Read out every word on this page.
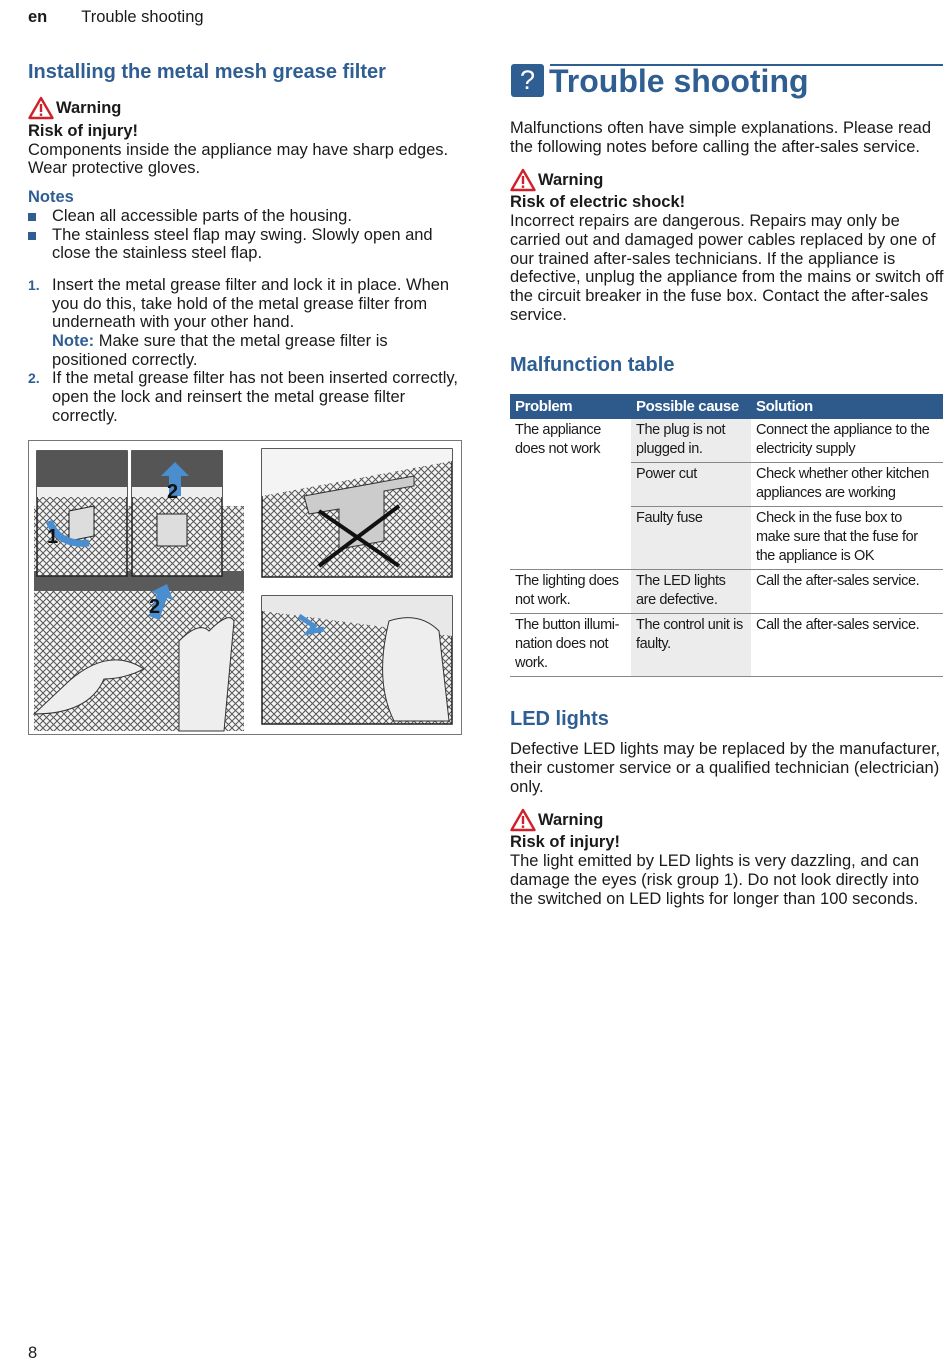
en Trouble shooting
Installing the metal mesh grease filter
Warning
Risk of injury!
Components inside the appliance may have sharp edges. Wear protective gloves.
Notes
Clean all accessible parts of the housing.
The stainless steel flap may swing. Slowly open and close the stainless steel flap.
1. Insert the metal grease filter and lock it in place. When you do this, take hold of the metal grease filter from underneath with your other hand.
Note: Make sure that the metal grease filter is positioned correctly.
2. If the metal grease filter has not been inserted correctly, open the lock and reinsert the metal grease filter correctly.
1
2
2
? Trouble shooting
Malfunctions often have simple explanations. Please read the following notes before calling the after-sales service.
Warning
Risk of electric shock!
Incorrect repairs are dangerous. Repairs may only be carried out and damaged power cables replaced by one of our trained after-sales technicians. If the appliance is defective, unplug the appliance from the mains or switch off the circuit breaker in the fuse box. Contact the after-sales service.
Malfunction table
Problem	Possible cause	Solution
The appliance does not work	The plug is not plugged in.	Connect the appliance to the electricity supply
	Power cut	Check whether other kitchen appliances are working
	Faulty fuse	Check in the fuse box to make sure that the fuse for the appliance is OK
The lighting does not work.	The LED lights are defective.	Call the after-sales service.
The button illumi-nation does not work.	The control unit is faulty.	Call the after-sales service.
LED lights
Defective LED lights may be replaced by the manufacturer, their customer service or a qualified technician (electrician) only.
Warning
Risk of injury!
The light emitted by LED lights is very dazzling, and can damage the eyes (risk group 1). Do not look directly into the switched on LED lights for longer than 100 seconds.
8
